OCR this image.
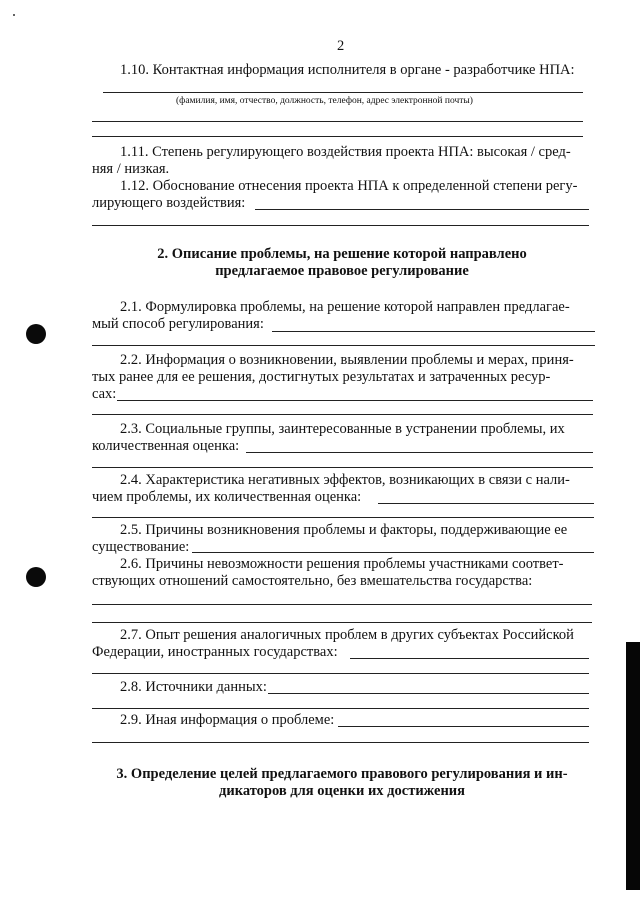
2
1.10. Контактная информация исполнителя в органе - разработчике НПА:
(фамилия, имя, отчество, должность, телефон, адрес электронной почты)
1.11. Степень регулирующего воздействия проекта НПА: высокая / сред-
няя / низкая.
1.12. Обоснование отнесения проекта НПА к определенной степени регу-
лирующего воздействия:
2. Описание проблемы, на решение которой направлено
предлагаемое правовое регулирование
2.1. Формулировка проблемы, на решение которой направлен предлагае-
мый способ регулирования:
2.2. Информация о возникновении, выявлении проблемы и мерах, приня-
тых ранее для ее решения, достигнутых результатах и затраченных ресур-
сах:
2.3. Социальные группы, заинтересованные в устранении проблемы, их
количественная оценка:
2.4. Характеристика негативных эффектов, возникающих в связи с нали-
чием проблемы, их количественная оценка:
2.5. Причины возникновения проблемы и факторы, поддерживающие ее
существование:
2.6. Причины невозможности решения проблемы участниками соответ-
ствующих отношений самостоятельно, без вмешательства государства:
2.7. Опыт решения аналогичных проблем в других субъектах Российской
Федерации, иностранных государствах:
2.8. Источники данных:
2.9. Иная информация о проблеме:
3. Определение целей предлагаемого правового регулирования и ин-
дикаторов для оценки их достижения
